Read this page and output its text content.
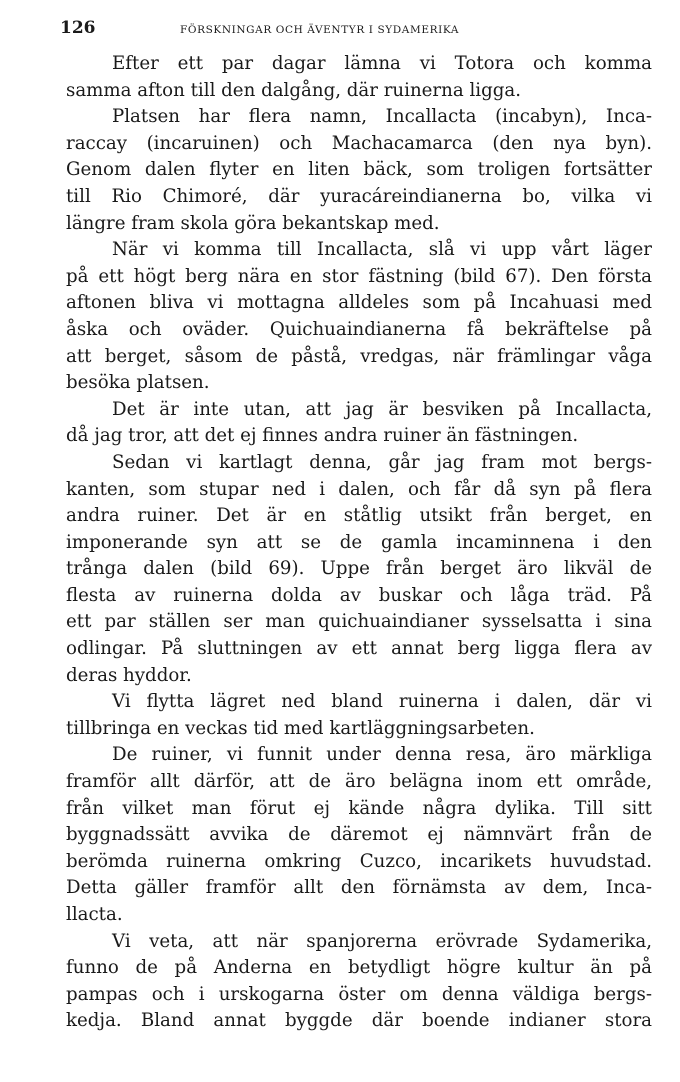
126	FÖRSKNINGAR OCH ÄVENTYR I SYDAMERIKA
Efter ett par dagar lämna vi Totora och komma
samma afton till den dalgång, där ruinerna ligga.
Platsen har flera namn, Incallacta (incabyn), Inca-
raccay (incaruinen) och Machacamarca (den nya byn).
Genom dalen flyter en liten bäck, som troligen fortsätter
till Rio Chimoré, där yuracáreindianerna bo, vilka vi
längre fram skola göra bekantskap med.
När vi komma till Incallacta, slå vi upp vårt läger
på ett högt berg nära en stor fästning (bild 67). Den första
aftonen bliva vi mottagna alldeles som på Incahuasi med
åska och oväder. Quichuaindianerna få bekräftelse på
att berget, såsom de påstå, vredgas, när främlingar våga
besöka platsen.
Det är inte utan, att jag är besviken på Incallacta,
då jag tror, att det ej finnes andra ruiner än fästningen.
Sedan vi kartlagt denna, går jag fram mot bergs-
kanten, som stupar ned i dalen, och får då syn på flera
andra ruiner. Det är en ståtlig utsikt från berget, en
imponerande syn att se de gamla incaminnena i den
trånga dalen (bild 69). Uppe från berget äro likväl de
flesta av ruinerna dolda av buskar och låga träd. På
ett par ställen ser man quichuaindianer sysselsatta i sina
odlingar. På sluttningen av ett annat berg ligga flera av
deras hyddor.
Vi flytta lägret ned bland ruinerna i dalen, där vi
tillbringa en veckas tid med kartläggningsarbeten.
De ruiner, vi funnit under denna resa, äro märkliga
framför allt därför, att de äro belägna inom ett område,
från vilket man förut ej kände några dylika. Till sitt
byggnadssätt avvika de däremot ej nämnvärt från de
berömda ruinerna omkring Cuzco, incarikets huvudstad.
Detta gäller framför allt den förnämsta av dem, Inca-
llacta.
Vi veta, att när spanjorerna erövrade Sydamerika,
funno de på Anderna en betydligt högre kultur än på
pampas och i urskogarna öster om denna väldiga bergs-
kedja. Bland annat byggde där boende indianer stora
